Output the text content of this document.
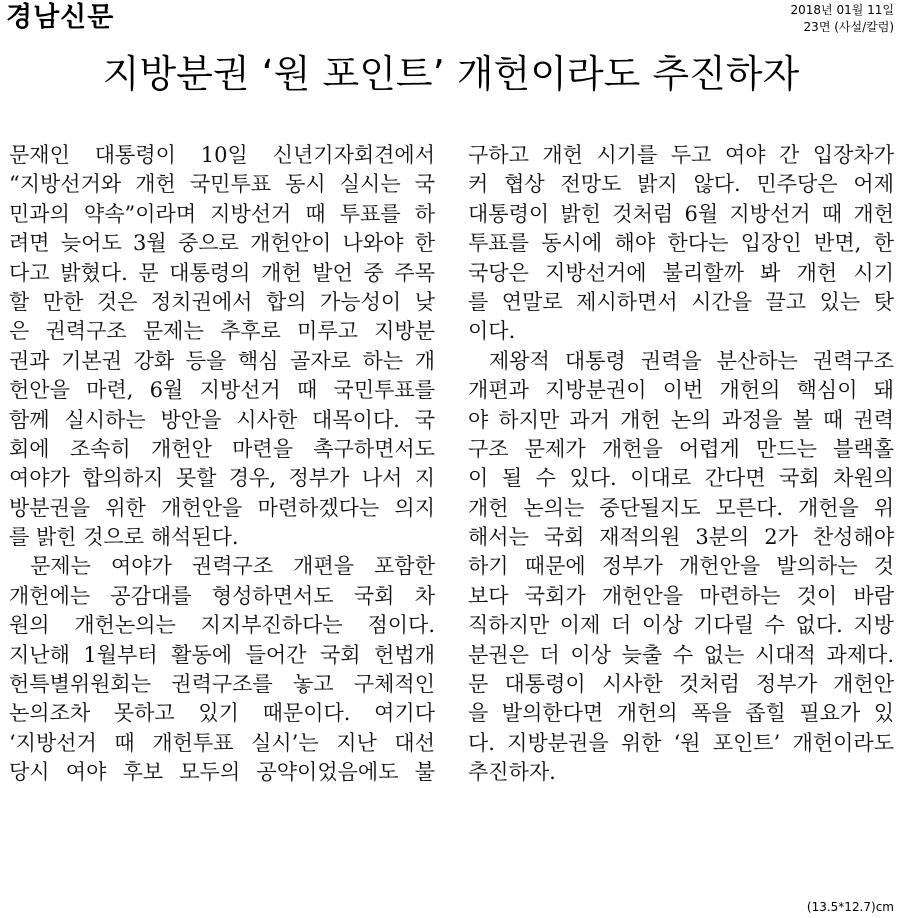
경남신문	2018년 01월 11일
23면 (사설/칼럼)
지방분권 ‘원 포인트’ 개헌이라도 추진하자
문재인 대통령이 10일 신년기자회견에서
“지방선거와 개헌 국민투표 동시 실시는 국
민과의 약속”이라며 지방선거 때 투표를 하
려면 늦어도 3월 중으로 개헌안이 나와야 한
다고 밝혔다. 문 대통령의 개헌 발언 중 주목
할 만한 것은 정치권에서 합의 가능성이 낮
은 권력구조 문제는 추후로 미루고 지방분
권과 기본권 강화 등을 핵심 골자로 하는 개
헌안을 마련, 6월 지방선거 때 국민투표를
함께 실시하는 방안을 시사한 대목이다. 국
회에 조속히 개헌안 마련을 촉구하면서도
여야가 합의하지 못할 경우, 정부가 나서 지
방분권을 위한 개헌안을 마련하겠다는 의지
를 밝힌 것으로 해석된다.
문제는 여야가 권력구조 개편을 포함한
개헌에는 공감대를 형성하면서도 국회 차
원의 개헌논의는 지지부진하다는 점이다.
지난해 1월부터 활동에 들어간 국회 헌법개
헌특별위원회는 권력구조를 놓고 구체적인
논의조차 못하고 있기 때문이다. 여기다
‘지방선거 때 개헌투표 실시’는 지난 대선
당시 여야 후보 모두의 공약이었음에도 불
구하고 개헌 시기를 두고 여야 간 입장차가
커 협상 전망도 밝지 않다. 민주당은 어제
대통령이 밝힌 것처럼 6월 지방선거 때 개헌
투표를 동시에 해야 한다는 입장인 반면, 한
국당은 지방선거에 불리할까 봐 개헌 시기
를 연말로 제시하면서 시간을 끌고 있는 탓
이다.
제왕적 대통령 권력을 분산하는 권력구조
개편과 지방분권이 이번 개헌의 핵심이 돼
야 하지만 과거 개헌 논의 과정을 볼 때 권력
구조 문제가 개헌을 어렵게 만드는 블랙홀
이 될 수 있다. 이대로 간다면 국회 차원의
개헌 논의는 중단될지도 모른다. 개헌을 위
해서는 국회 재적의원 3분의 2가 찬성해야
하기 때문에 정부가 개헌안을 발의하는 것
보다 국회가 개헌안을 마련하는 것이 바람
직하지만 이제 더 이상 기다릴 수 없다. 지방
분권은 더 이상 늦출 수 없는 시대적 과제다.
문 대통령이 시사한 것처럼 정부가 개헌안
을 발의한다면 개헌의 폭을 좁힐 필요가 있
다. 지방분권을 위한 ‘원 포인트’ 개헌이라도
추진하자.
(13.5*12.7)cm
